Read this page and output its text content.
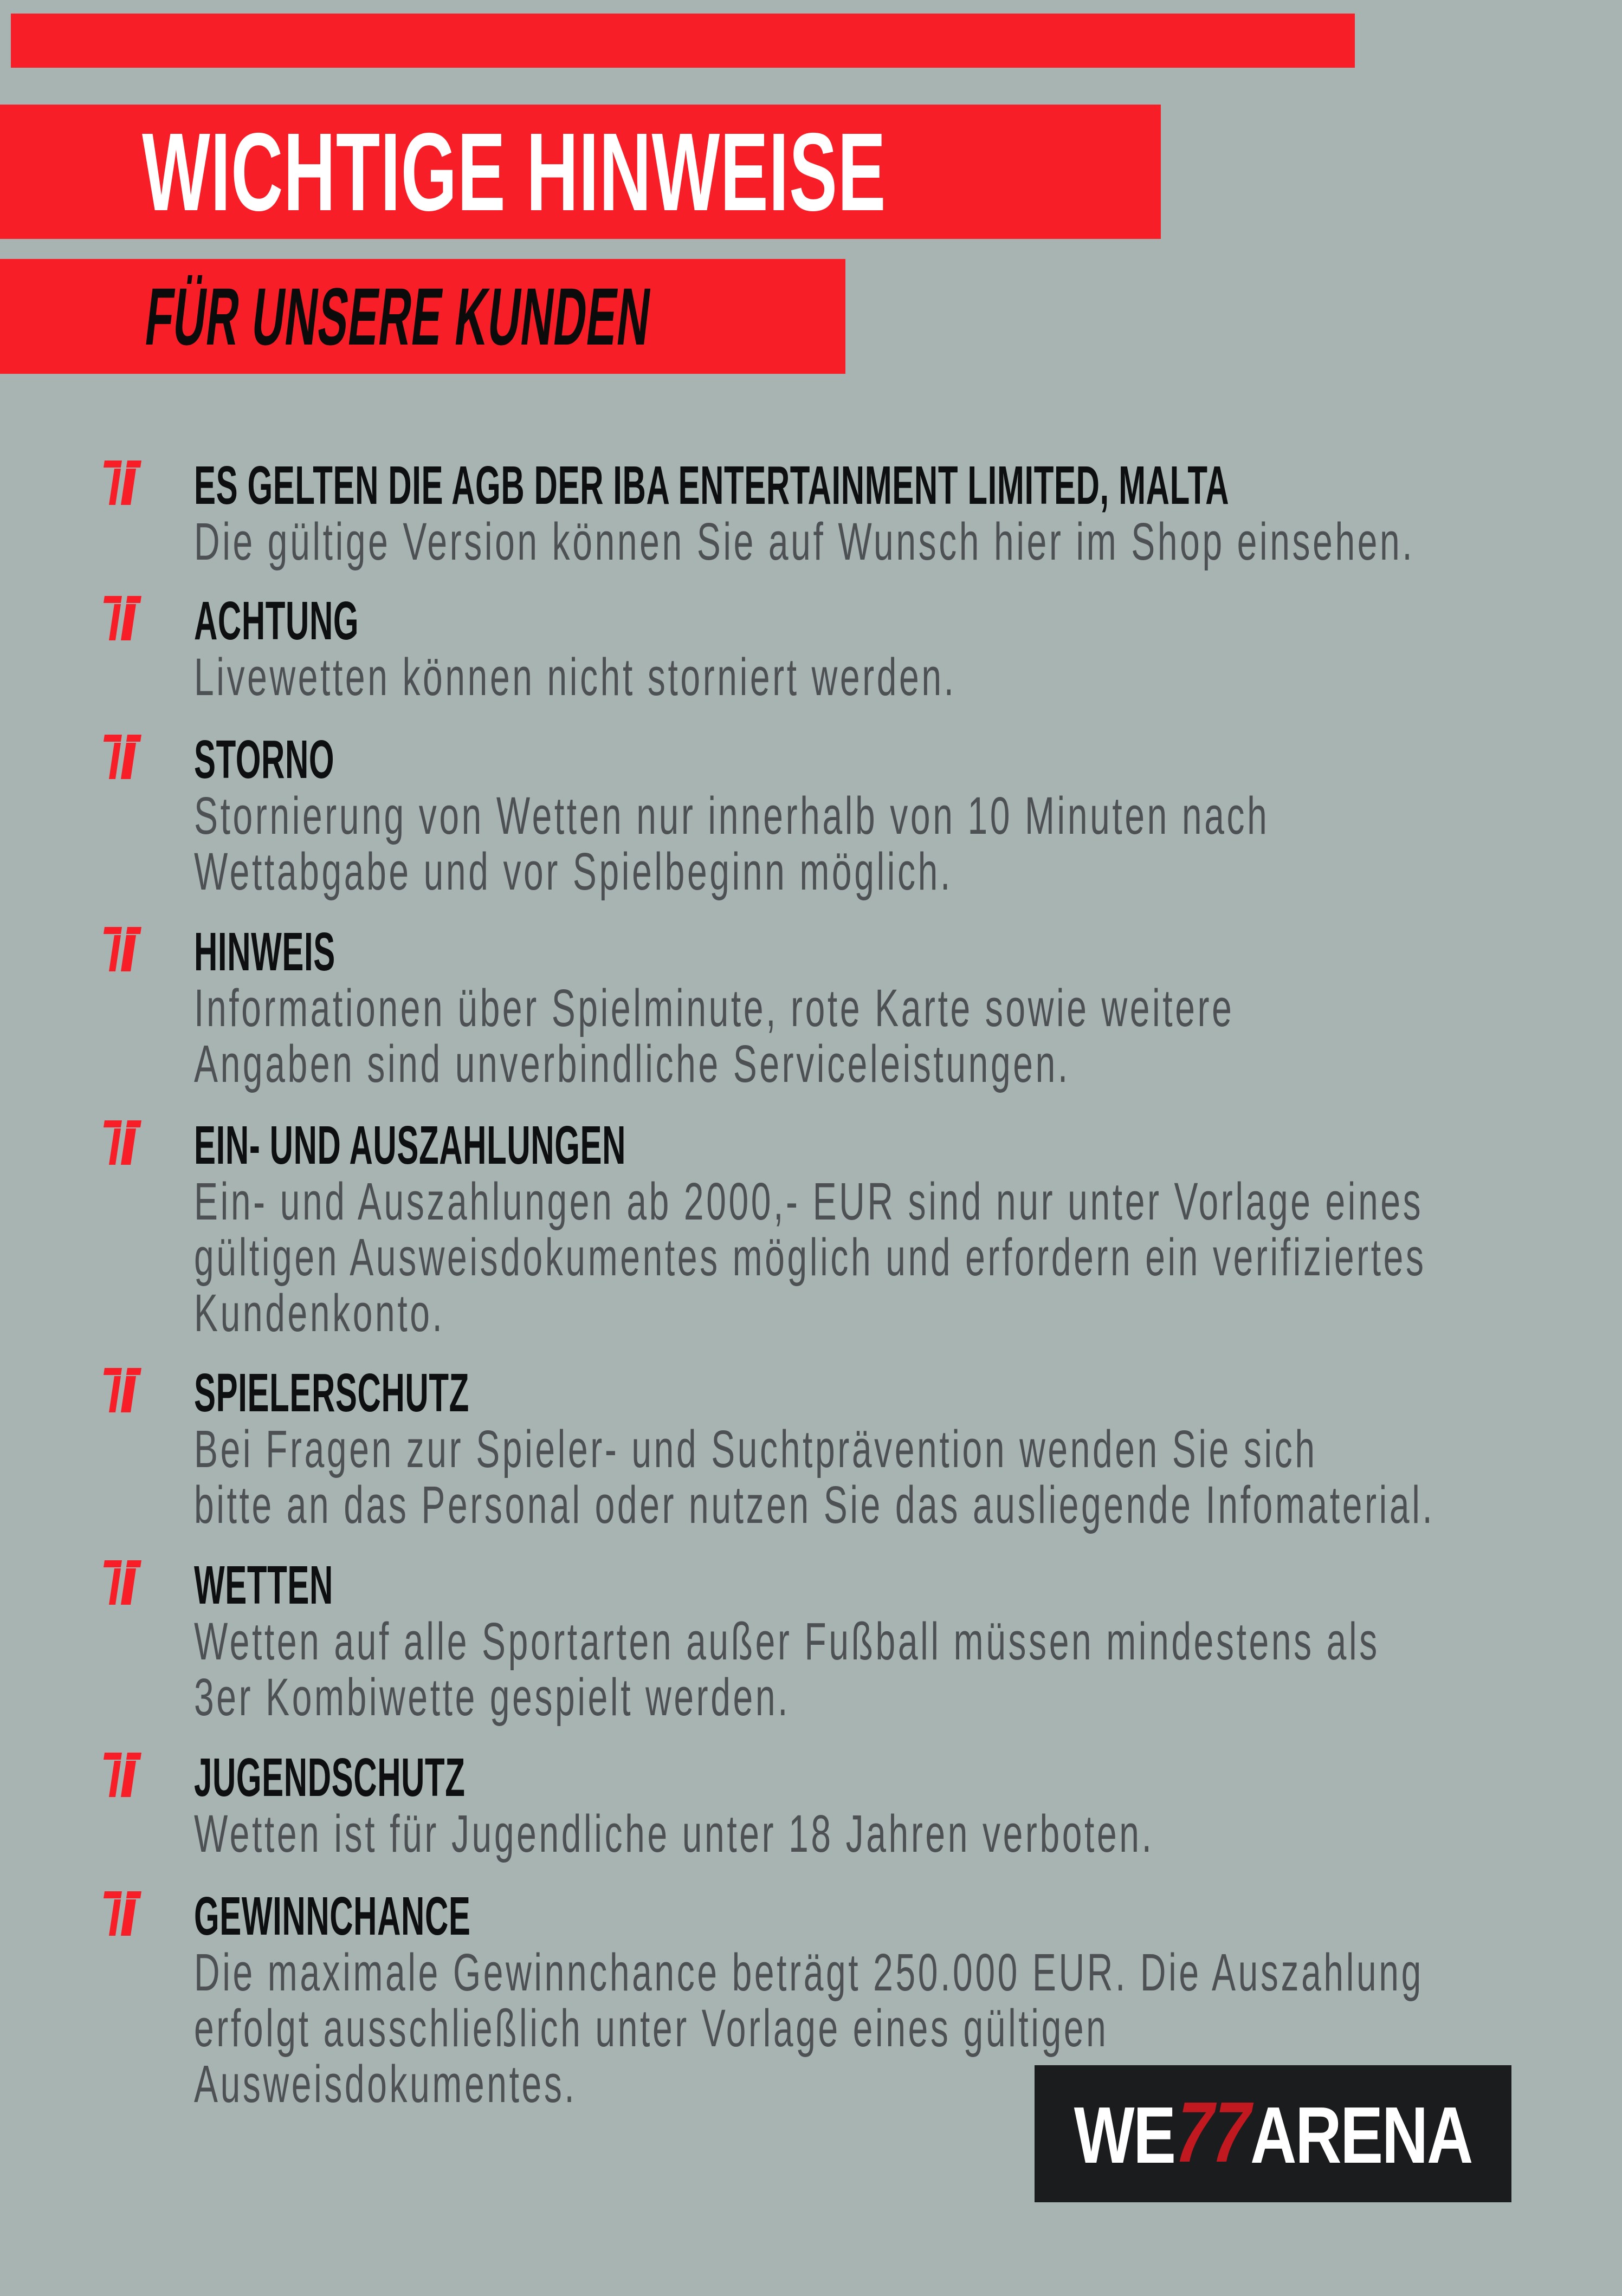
WICHTIGE HINWEISE
FÜR UNSERE KUNDEN
ES GELTEN DIE AGB DER IBA ENTERTAINMENT LIMITED, MALTA
Die gültige Version können Sie auf Wunsch hier im Shop einsehen.
ACHTUNG
Livewetten können nicht storniert werden.
STORNO
Stornierung von Wetten nur innerhalb von 10 Minuten nach
Wettabgabe und vor Spielbeginn möglich.
HINWEIS
Informationen über Spielminute, rote Karte sowie weitere
Angaben sind unverbindliche Serviceleistungen.
EIN- UND AUSZAHLUNGEN
Ein- und Auszahlungen ab 2000,- EUR sind nur unter Vorlage eines
gültigen Ausweisdokumentes möglich und erfordern ein verifiziertes
Kundenkonto.
SPIELERSCHUTZ
Bei Fragen zur Spieler- und Suchtprävention wenden Sie sich
bitte an das Personal oder nutzen Sie das ausliegende Infomaterial.
WETTEN
Wetten auf alle Sportarten außer Fußball müssen mindestens als
3er Kombiwette gespielt werden.
JUGENDSCHUTZ
Wetten ist für Jugendliche unter 18 Jahren verboten.
GEWINNCHANCE
Die maximale Gewinnchance beträgt 250.000 EUR. Die Auszahlung
erfolgt ausschließlich unter Vorlage eines gültigen
Ausweisdokumentes.
WE77ARENA
